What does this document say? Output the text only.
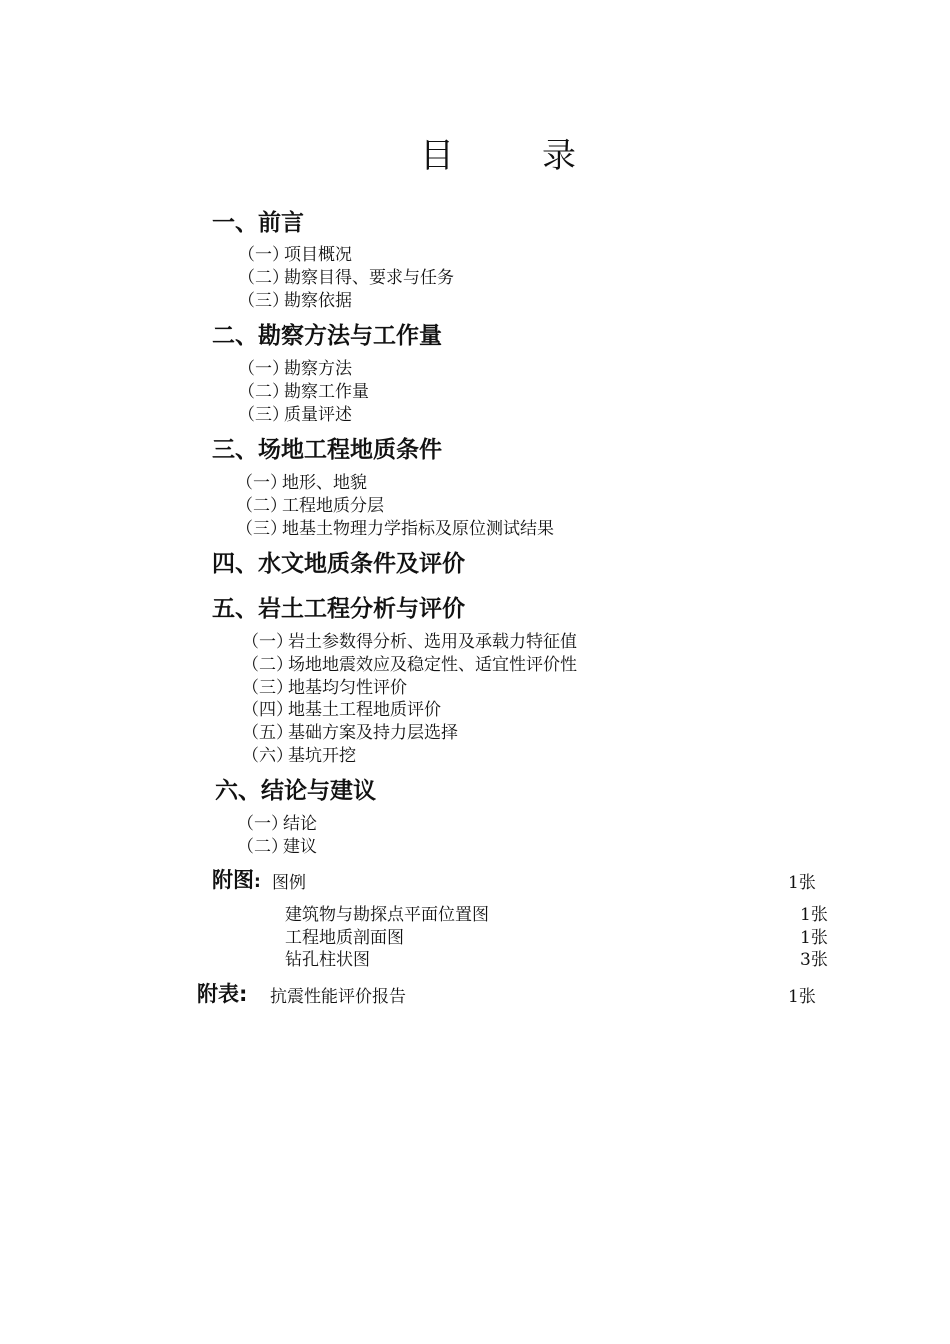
目	录
一、前言
（一）项目概况
（二）勘察目得、要求与任务
（三）勘察依据
二、勘察方法与工作量
（一）勘察方法
（二）勘察工作量
（三）质量评述
三、场地工程地质条件
（一）地形、地貌
（二）工程地质分层
（三）地基土物理力学指标及原位测试结果
四、水文地质条件及评价
五、岩土工程分析与评价
（一）岩土参数得分析、选用及承载力特征值
（二）场地地震效应及稳定性、适宜性评价性
（三）地基均匀性评价
（四）地基土工程地质评价
（五）基础方案及持力层选择
（六）基坑开挖
六、结论与建议
（一）结论
（二）建议
附图: 图例	1张
建筑物与勘探点平面位置图	1张
工程地质剖面图	1张
钻孔柱状图	3张
附表: 抗震性能评价报告	1张
